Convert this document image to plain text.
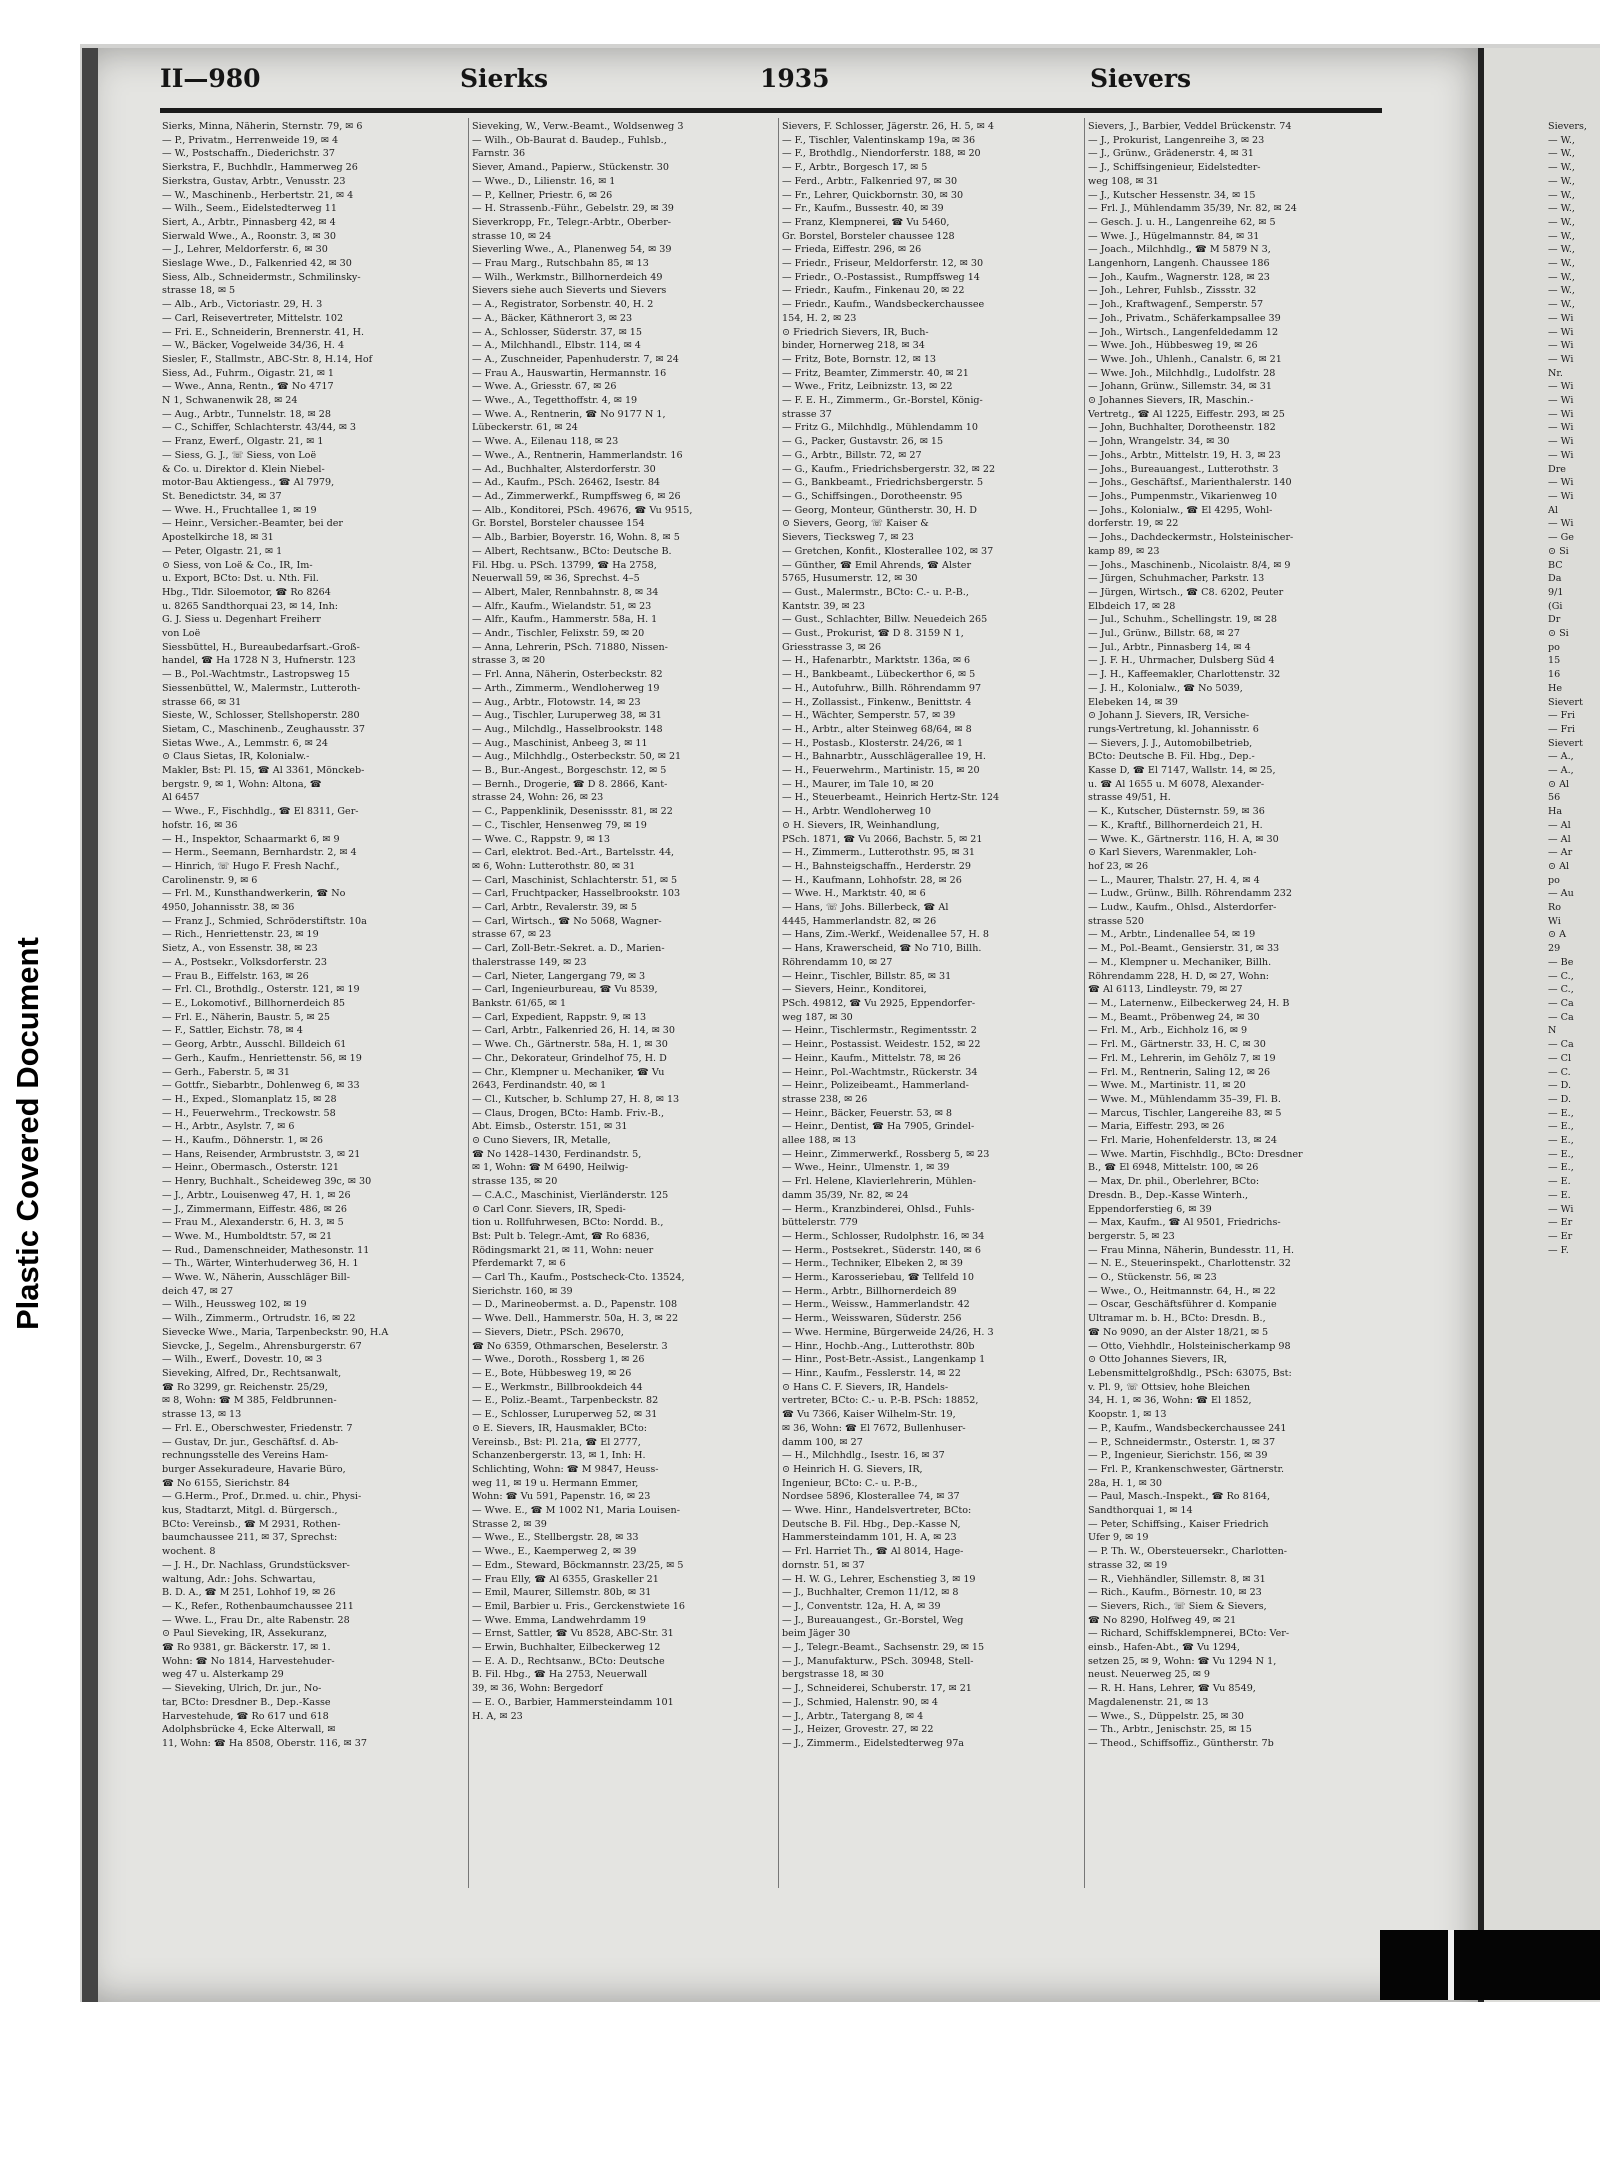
II—980	Sierks	1935	Sievers
Sierks, Minna, Näherin, Sternstr. 79, ✉ 6
— P., Privatm., Herrenweide 19, ✉ 4
— W., Postschaffn., Diederichstr. 37
Sierkstra, F., Buchhdlr., Hammerweg 26
Sierkstra, Gustav, Arbtr., Venusstr. 23
— W., Maschinenb., Herbertstr. 21, ✉ 4
— Wilh., Seem., Eidelstedterweg 11
Siert, A., Arbtr., Pinnasberg 42, ✉ 4
Sierwald Wwe., A., Roonstr. 3, ✉ 30
— J., Lehrer, Meldorferstr. 6, ✉ 30
Sieslage Wwe., D., Falkenried 42, ✉ 30
Siess, Alb., Schneidermstr., Schmilinsky-
strasse 18, ✉ 5
— Alb., Arb., Victoriastr. 29, H. 3
— Carl, Reisevertreter, Mittelstr. 102
— Fri. E., Schneiderin, Brennerstr. 41, H.
— W., Bäcker, Vogelweide 34/36, H. 4
Siesler, F., Stallmstr., ABC-Str. 8, H.14, Hof
Siess, Ad., Fuhrm., Oigastr. 21, ✉ 1
— Wwe., Anna, Rentn., ☎ No 4717
N 1, Schwanenwik 28, ✉ 24
— Aug., Arbtr., Tunnelstr. 18, ✉ 28
— C., Schiffer, Schlachterstr. 43/44, ✉ 3
— Franz, Ewerf., Olgastr. 21, ✉ 1
— Siess, G. J., ☏ Siess, von Loë
& Co. u. Direktor d. Klein Niebel-
motor-Bau Aktiengess., ☎ Al 7979,
St. Benedictstr. 34, ✉ 37
— Wwe. H., Fruchtallee 1, ✉ 19
— Heinr., Versicher.-Beamter, bei der
Apostelkirche 18, ✉ 31
— Peter, Olgastr. 21, ✉ 1
⊙ Siess, von Loë & Co., IR, Im-
u. Export, BCto: Dst. u. Nth. Fil.
Hbg., Tldr. Siloemotor, ☎ Ro 8264
u. 8265 Sandthorquai 23, ✉ 14, Inh:
G. J. Siess u. Degenhart Freiherr
von Loë
Siessbüttel, H., Bureaubedarfsart.-Groß-
handel, ☎ Ha 1728 N 3, Hufnerstr. 123
— B., Pol.-Wachtmstr., Lastropsweg 15
Siessenbüttel, W., Malermstr., Lutteroth-
strasse 66, ✉ 31
Sieste, W., Schlosser, Stellshoperstr. 280
Sietam, C., Maschinenb., Zeughausstr. 37
Sietas Wwe., A., Lemmstr. 6, ✉ 24
⊙ Claus Sietas, IR, Kolonialw.-
Makler, Bst: Pl. 15, ☎ Al 3361, Mönckeb-
bergstr. 9, ✉ 1, Wohn: Altona, ☎
Al 6457
— Wwe., F., Fischhdlg., ☎ El 8311, Ger-
hofstr. 16, ✉ 36
— H., Inspektor, Schaarmarkt 6, ✉ 9
— Herm., Seemann, Bernhardstr. 2, ✉ 4
— Hinrich, ☏ Hugo F. Fresh Nachf.,
Carolinenstr. 9, ✉ 6
— Frl. M., Kunsthandwerkerin, ☎ No
4950, Johannisstr. 38, ✉ 36
— Franz J., Schmied, Schröderstiftstr. 10a
— Rich., Henriettenstr. 23, ✉ 19
Sietz, A., von Essenstr. 38, ✉ 23
— A., Postsekr., Volksdorferstr. 23
— Frau B., Eiffelstr. 163, ✉ 26
— Frl. Cl., Brothdlg., Osterstr. 121, ✉ 19
— E., Lokomotivf., Billhornerdeich 85
— Frl. E., Näherin, Baustr. 5, ✉ 25
— F., Sattler, Eichstr. 78, ✉ 4
— Georg, Arbtr., Ausschl. Billdeich 61
— Gerh., Kaufm., Henriettenstr. 56, ✉ 19
— Gerh., Faberstr. 5, ✉ 31
— Gottfr., Siebarbtr., Dohlenweg 6, ✉ 33
— H., Exped., Slomanplatz 15, ✉ 28
— H., Feuerwehrm., Treckowstr. 58
— H., Arbtr., Asylstr. 7, ✉ 6
— H., Kaufm., Döhnerstr. 1, ✉ 26
— Hans, Reisender, Armbruststr. 3, ✉ 21
— Heinr., Obermasch., Osterstr. 121
— Henry, Buchhalt., Scheideweg 39c, ✉ 30
— J., Arbtr., Louisenweg 47, H. 1, ✉ 26
— J., Zimmermann, Eiffestr. 486, ✉ 26
— Frau M., Alexanderstr. 6, H. 3, ✉ 5
— Wwe. M., Humboldtstr. 57, ✉ 21
— Rud., Damenschneider, Mathesonstr. 11
— Th., Wärter, Winterhuderweg 36, H. 1
— Wwe. W., Näherin, Ausschläger Bill-
deich 47, ✉ 27
— Wilh., Heussweg 102, ✉ 19
— Wilh., Zimmerm., Ortrudstr. 16, ✉ 22
Sievecke Wwe., Maria, Tarpenbeckstr. 90, H.A
Sievcke, J., Segelm., Ahrensburgerstr. 67
— Wilh., Ewerf., Dovestr. 10, ✉ 3
Sieveking, Alfred, Dr., Rechtsanwalt,
☎ Ro 3299, gr. Reichenstr. 25/29,
✉ 8, Wohn: ☎ M 385, Feldbrunnen-
strasse 13, ✉ 13
— Frl. E., Oberschwester, Friedenstr. 7
— Gustav, Dr. jur., Geschäftsf. d. Ab-
rechnungsstelle des Vereins Ham-
burger Assekuradeure, Havarie Büro,
☎ No 6155, Sierichstr. 84
— G.Herm., Prof., Dr.med. u. chir., Physi-
kus, Stadtarzt, Mitgl. d. Bürgersch.,
BCto: Vereinsb., ☎ M 2931, Rothen-
baumchaussee 211, ✉ 37, Sprechst:
wochent. 8
— J. H., Dr. Nachlass, Grundstücksver-
waltung, Adr.: Johs. Schwartau,
B. D. A., ☎ M 251, Lohhof 19, ✉ 26
— K., Refer., Rothenbaumchaussee 211
— Wwe. L., Frau Dr., alte Rabenstr. 28
⊙ Paul Sieveking, IR, Assekuranz,
☎ Ro 9381, gr. Bäckerstr. 17, ✉ 1.
Wohn: ☎ No 1814, Harvestehuder-
weg 47 u. Alsterkamp 29
— Sieveking, Ulrich, Dr. jur., No-
tar, BCto: Dresdner B., Dep.-Kasse
Harvestehude, ☎ Ro 617 und 618
Adolphsbrücke 4, Ecke Alterwall, ✉
11, Wohn: ☎ Ha 8508, Oberstr. 116, ✉ 37
Sieveking, W., Verw.-Beamt., Woldsenweg 3
— Wilh., Ob-Baurat d. Baudep., Fuhlsb.,
Farnstr. 36
Siever, Amand., Papierw., Stückenstr. 30
— Wwe., D., Lilienstr. 16, ✉ 1
— P., Kellner, Priestr. 6, ✉ 26
— H. Strassenb.-Führ., Gebelstr. 29, ✉ 39
Sieverkropp, Fr., Telegr.-Arbtr., Oberber-
strasse 10, ✉ 24
Sieverling Wwe., A., Planenweg 54, ✉ 39
— Frau Marg., Rutschbahn 85, ✉ 13
— Wilh., Werkmstr., Billhornerdeich 49
Sievers siehe auch Sieverts und Sievers
— A., Registrator, Sorbenstr. 40, H. 2
— A., Bäcker, Käthnerort 3, ✉ 23
— A., Schlosser, Süderstr. 37, ✉ 15
— A., Milchhandl., Elbstr. 114, ✉ 4
— A., Zuschneider, Papenhuderstr. 7, ✉ 24
— Frau A., Hauswartin, Hermannstr. 16
— Wwe. A., Griesstr. 67, ✉ 26
— Wwe., A., Tegetthoffstr. 4, ✉ 19
— Wwe. A., Rentnerin, ☎ No 9177 N 1,
Lübeckerstr. 61, ✉ 24
— Wwe. A., Eilenau 118, ✉ 23
— Wwe., A., Rentnerin, Hammerlandstr. 16
— Ad., Buchhalter, Alsterdorferstr. 30
— Ad., Kaufm., PSch. 26462, Isestr. 84
— Ad., Zimmerwerkf., Rumpffsweg 6, ✉ 26
— Alb., Konditorei, PSch. 49676, ☎ Vu 9515,
Gr. Borstel, Borsteler chaussee 154
— Alb., Barbier, Boyerstr. 16, Wohn. 8, ✉ 5
— Albert, Rechtsanw., BCto: Deutsche B.
Fil. Hbg. u. PSch. 13799, ☎ Ha 2758,
Neuerwall 59, ✉ 36, Sprechst. 4–5
— Albert, Maler, Rennbahnstr. 8, ✉ 34
— Alfr., Kaufm., Wielandstr. 51, ✉ 23
— Alfr., Kaufm., Hammerstr. 58a, H. 1
— Andr., Tischler, Felixstr. 59, ✉ 20
— Anna, Lehrerin, PSch. 71880, Nissen-
strasse 3, ✉ 20
— Frl. Anna, Näherin, Osterbeckstr. 82
— Arth., Zimmerm., Wendloherweg 19
— Aug., Arbtr., Flotowstr. 14, ✉ 23
— Aug., Tischler, Luruperweg 38, ✉ 31
— Aug., Milchdlg., Hasselbrookstr. 148
— Aug., Maschinist, Anbeeg 3, ✉ 11
— Aug., Milchhdlg., Osterbeckstr. 50, ✉ 21
— B., Bur.-Angest., Borgeschstr. 12, ✉ 5
— Bernh., Drogerie, ☎ D 8. 2866, Kant-
strasse 24, Wohn: 26, ✉ 23
— C., Pappenklinik, Desenissstr. 81, ✉ 22
— C., Tischler, Hensenweg 79, ✉ 19
— Wwe. C., Rappstr. 9, ✉ 13
— Carl, elektrot. Bed.-Art., Bartelsstr. 44,
✉ 6, Wohn: Lutterothstr. 80, ✉ 31
— Carl, Maschinist, Schlachterstr. 51, ✉ 5
— Carl, Fruchtpacker, Hasselbrookstr. 103
— Carl, Arbtr., Revalerstr. 39, ✉ 5
— Carl, Wirtsch., ☎ No 5068, Wagner-
strasse 67, ✉ 23
— Carl, Zoll-Betr.-Sekret. a. D., Marien-
thalerstrasse 149, ✉ 23
— Carl, Nieter, Langergang 79, ✉ 3
— Carl, Ingenieurbureau, ☎ Vu 8539,
Bankstr. 61/65, ✉ 1
— Carl, Expedient, Rappstr. 9, ✉ 13
— Carl, Arbtr., Falkenried 26, H. 14, ✉ 30
— Wwe. Ch., Gärtnerstr. 58a, H. 1, ✉ 30
— Chr., Dekorateur, Grindelhof 75, H. D
— Chr., Klempner u. Mechaniker, ☎ Vu
2643, Ferdinandstr. 40, ✉ 1
— Cl., Kutscher, b. Schlump 27, H. 8, ✉ 13
— Claus, Drogen, BCto: Hamb. Friv.-B.,
Abt. Eimsb., Osterstr. 151, ✉ 31
⊙ Cuno Sievers, IR, Metalle,
☎ No 1428–1430, Ferdinandstr. 5,
✉ 1, Wohn: ☎ M 6490, Heilwig-
strasse 135, ✉ 20
— C.A.C., Maschinist, Vierländerstr. 125
⊙ Carl Conr. Sievers, IR, Spedi-
tion u. Rollfuhrwesen, BCto: Nordd. B.,
Bst: Pult b. Telegr.-Amt, ☎ Ro 6836,
Rödingsmarkt 21, ✉ 11, Wohn: neuer
Pferdemarkt 7, ✉ 6
— Carl Th., Kaufm., Postscheck-Cto. 13524,
Sierichstr. 160, ✉ 39
— D., Marineobermst. a. D., Papenstr. 108
— Wwe. Dell., Hammerstr. 50a, H. 3, ✉ 22
— Sievers, Dietr., PSch. 29670,
☎ No 6359, Othmarschen, Beselerstr. 3
— Wwe., Doroth., Rossberg 1, ✉ 26
— E., Bote, Hübbesweg 19, ✉ 26
— E., Werkmstr., Billbrookdeich 44
— E., Poliz.-Beamt., Tarpenbeckstr. 82
— E., Schlosser, Luruperweg 52, ✉ 31
⊙ E. Sievers, IR, Hausmakler, BCto:
Vereinsb., Bst: Pl. 21a, ☎ El 2777,
Schanzenbergerstr. 13, ✉ 1, Inh: H.
Schlichting, Wohn: ☎ M 9847, Heuss-
weg 11, ✉ 19 u. Hermann Emmer,
Wohn: ☎ Vu 591, Papenstr. 16, ✉ 23
— Wwe. E., ☎ M 1002 N1, Maria Louisen-
Strasse 2, ✉ 39
— Wwe., E., Stellbergstr. 28, ✉ 33
— Wwe., E., Kaemperweg 2, ✉ 39
— Edm., Steward, Böckmannstr. 23/25, ✉ 5
— Frau Elly, ☎ Al 6355, Graskeller 21
— Emil, Maurer, Sillemstr. 80b, ✉ 31
— Emil, Barbier u. Fris., Gerckenstwiete 16
— Wwe. Emma, Landwehrdamm 19
— Ernst, Sattler, ☎ Vu 8528, ABC-Str. 31
— Erwin, Buchhalter, Eilbeckerweg 12
— E. A. D., Rechtsanw., BCto: Deutsche
B. Fil. Hbg., ☎ Ha 2753, Neuerwall
39, ✉ 36, Wohn: Bergedorf
— E. O., Barbier, Hammersteindamm 101
H. A, ✉ 23
Sievers, F. Schlosser, Jägerstr. 26, H. 5, ✉ 4
— F., Tischler, Valentinskamp 19a, ✉ 36
— F., Brothdlg., Niendorferstr. 188, ✉ 20
— F., Arbtr., Borgesch 17, ✉ 5
— Ferd., Arbtr., Falkenried 97, ✉ 30
— Fr., Lehrer, Quickbornstr. 30, ✉ 30
— Fr., Kaufm., Bussestr. 40, ✉ 39
— Franz, Klempnerei, ☎ Vu 5460,
Gr. Borstel, Borsteler chaussee 128
— Frieda, Eiffestr. 296, ✉ 26
— Friedr., Friseur, Meldorferstr. 12, ✉ 30
— Friedr., O.-Postassist., Rumpffsweg 14
— Friedr., Kaufm., Finkenau 20, ✉ 22
— Friedr., Kaufm., Wandsbeckerchaussee
154, H. 2, ✉ 23
⊙ Friedrich Sievers, IR, Buch-
binder, Hornerweg 218, ✉ 34
— Fritz, Bote, Bornstr. 12, ✉ 13
— Fritz, Beamter, Zimmerstr. 40, ✉ 21
— Wwe., Fritz, Leibnizstr. 13, ✉ 22
— F. E. H., Zimmerm., Gr.-Borstel, König-
strasse 37
— Fritz G., Milchhdlg., Mühlendamm 10
— G., Packer, Gustavstr. 26, ✉ 15
— G., Arbtr., Billstr. 72, ✉ 27
— G., Kaufm., Friedrichsbergerstr. 32, ✉ 22
— G., Bankbeamt., Friedrichsbergerstr. 5
— G., Schiffsingen., Dorotheenstr. 95
— Georg, Monteur, Güntherstr. 30, H. D
⊙ Sievers, Georg, ☏ Kaiser &
Sievers, Tiecksweg 7, ✉ 23
— Gretchen, Konfit., Klosterallee 102, ✉ 37
— Günther, ☎ Emil Ahrends, ☎ Alster
5765, Husumerstr. 12, ✉ 30
— Gust., Malermstr., BCto: C.- u. P.-B.,
Kantstr. 39, ✉ 23
— Gust., Schlachter, Billw. Neuedeich 265
— Gust., Prokurist, ☎ D 8. 3159 N 1,
Griesstrasse 3, ✉ 26
— H., Hafenarbtr., Marktstr. 136a, ✉ 6
— H., Bankbeamt., Lübeckerthor 6, ✉ 5
— H., Autofuhrw., Billh. Röhrendamm 97
— H., Zollassist., Finkenw., Benittstr. 4
— H., Wächter, Semperstr. 57, ✉ 39
— H., Arbtr., alter Steinweg 68/64, ✉ 8
— H., Postasb., Klosterstr. 24/26, ✉ 1
— H., Bahnarbtr., Ausschlägerallee 19, H.
— H., Feuerwehrm., Martinistr. 15, ✉ 20
— H., Maurer, im Tale 10, ✉ 20
— H., Steuerbeamt., Heinrich Hertz-Str. 124
— H., Arbtr. Wendloherweg 10
⊙ H. Sievers, IR, Weinhandlung,
PSch. 1871, ☎ Vu 2066, Bachstr. 5, ✉ 21
— H., Zimmerm., Lutterothstr. 95, ✉ 31
— H., Bahnsteigschaffn., Herderstr. 29
— H., Kaufmann, Lohhofstr. 28, ✉ 26
— Wwe. H., Marktstr. 40, ✉ 6
— Hans, ☏ Johs. Billerbeck, ☎ Al
4445, Hammerlandstr. 82, ✉ 26
— Hans, Zim.-Werkf., Weidenallee 57, H. 8
— Hans, Krawerscheid, ☎ No 710, Billh.
Röhrendamm 10, ✉ 27
— Heinr., Tischler, Billstr. 85, ✉ 31
— Sievers, Heinr., Konditorei,
PSch. 49812, ☎ Vu 2925, Eppendorfer-
weg 187, ✉ 30
— Heinr., Tischlermstr., Regimentsstr. 2
— Heinr., Postassist. Weidestr. 152, ✉ 22
— Heinr., Kaufm., Mittelstr. 78, ✉ 26
— Heinr., Pol.-Wachtmstr., Rückerstr. 34
— Heinr., Polizeibeamt., Hammerland-
strasse 238, ✉ 26
— Heinr., Bäcker, Feuerstr. 53, ✉ 8
— Heinr., Dentist, ☎ Ha 7905, Grindel-
allee 188, ✉ 13
— Heinr., Zimmerwerkf., Rossberg 5, ✉ 23
— Wwe., Heinr., Ulmenstr. 1, ✉ 39
— Frl. Helene, Klavierlehrerin, Mühlen-
damm 35/39, Nr. 82, ✉ 24
— Herm., Kranzbinderei, Ohlsd., Fuhls-
büttelerstr. 779
— Herm., Schlosser, Rudolphstr. 16, ✉ 34
— Herm., Postsekret., Süderstr. 140, ✉ 6
— Herm., Techniker, Elbeken 2, ✉ 39
— Herm., Karosseriebau, ☎ Tellfeld 10
— Herm., Arbtr., Billhornerdeich 89
— Herm., Weissw., Hammerlandstr. 42
— Herm., Weisswaren, Süderstr. 256
— Wwe. Hermine, Bürgerweide 24/26, H. 3
— Hinr., Hochb.-Ang., Lutterothstr. 80b
— Hinr., Post-Betr.-Assist., Langenkamp 1
— Hinr., Kaufm., Fesslerstr. 14, ✉ 22
⊙ Hans C. F. Sievers, IR, Handels-
vertreter, BCto: C.- u. P.-B. PSch: 18852,
☎ Vu 7366, Kaiser Wilhelm-Str. 19,
✉ 36, Wohn: ☎ El 7672, Bullenhuser-
damm 100, ✉ 27
— H., Milchhdlg., Isestr. 16, ✉ 37
⊙ Heinrich H. G. Sievers, IR,
Ingenieur, BCto: C.- u. P.-B.,
Nordsee 5896, Klosterallee 74, ✉ 37
— Wwe. Hinr., Handelsvertreter, BCto:
Deutsche B. Fil. Hbg., Dep.-Kasse N,
Hammersteindamm 101, H. A, ✉ 23
— Frl. Harriet Th., ☎ Al 8014, Hage-
dornstr. 51, ✉ 37
— H. W. G., Lehrer, Eschenstieg 3, ✉ 19
— J., Buchhalter, Cremon 11/12, ✉ 8
— J., Conventstr. 12a, H. A, ✉ 39
— J., Bureauangest., Gr.-Borstel, Weg
beim Jäger 30
— J., Telegr.-Beamt., Sachsenstr. 29, ✉ 15
— J., Manufakturw., PSch. 30948, Stell-
bergstrasse 18, ✉ 30
— J., Schneiderei, Schuberstr. 17, ✉ 21
— J., Schmied, Halenstr. 90, ✉ 4
— J., Arbtr., Tatergang 8, ✉ 4
— J., Heizer, Grovestr. 27, ✉ 22
— J., Zimmerm., Eidelstedterweg 97a
Sievers, J., Barbier, Veddel Brückenstr. 74
— J., Prokurist, Langenreihe 3, ✉ 23
— J., Grünw., Grädenerstr. 4, ✉ 31
— J., Schiffsingenieur, Eidelstedter-
weg 108, ✉ 31
— J., Kutscher Hessenstr. 34, ✉ 15
— Frl. J., Mühlendamm 35/39, Nr. 82, ✉ 24
— Gesch. J. u. H., Langenreihe 62, ✉ 5
— Wwe. J., Hügelmannstr. 84, ✉ 31
— Joach., Milchhdlg., ☎ M 5879 N 3,
Langenhorn, Langenh. Chaussee 186
— Joh., Kaufm., Wagnerstr. 128, ✉ 23
— Joh., Lehrer, Fuhlsb., Zissstr. 32
— Joh., Kraftwagenf., Semperstr. 57
— Joh., Privatm., Schäferkampsallee 39
— Joh., Wirtsch., Langenfeldedamm 12
— Wwe. Joh., Hübbesweg 19, ✉ 26
— Wwe. Joh., Uhlenh., Canalstr. 6, ✉ 21
— Wwe. Joh., Milchhdlg., Ludolfstr. 28
— Johann, Grünw., Sillemstr. 34, ✉ 31
⊙ Johannes Sievers, IR, Maschin.-
Vertretg., ☎ Al 1225, Eiffestr. 293, ✉ 25
— John, Buchhalter, Dorotheenstr. 182
— John, Wrangelstr. 34, ✉ 30
— Johs., Arbtr., Mittelstr. 19, H. 3, ✉ 23
— Johs., Bureauangest., Lutterothstr. 3
— Johs., Geschäftsf., Marienthalerstr. 140
— Johs., Pumpenmstr., Vikarienweg 10
— Johs., Kolonialw., ☎ El 4295, Wohl-
dorferstr. 19, ✉ 22
— Johs., Dachdeckermstr., Holsteinischer-
kamp 89, ✉ 23
— Johs., Maschinenb., Nicolaistr. 8/4, ✉ 9
— Jürgen, Schuhmacher, Parkstr. 13
— Jürgen, Wirtsch., ☎ C8. 6202, Peuter
Elbdeich 17, ✉ 28
— Jul., Schuhm., Schellingstr. 19, ✉ 28
— Jul., Grünw., Billstr. 68, ✉ 27
— Jul., Arbtr., Pinnasberg 14, ✉ 4
— J. F. H., Uhrmacher, Dulsberg Süd 4
— J. H., Kaffeemakler, Charlottenstr. 32
— J. H., Kolonialw., ☎ No 5039,
Elebeken 14, ✉ 39
⊙ Johann J. Sievers, IR, Versiche-
rungs-Vertretung, kl. Johannisstr. 6
— Sievers, J. J., Automobilbetrieb,
BCto: Deutsche B. Fil. Hbg., Dep.-
Kasse D, ☎ El 7147, Wallstr. 14, ✉ 25,
u. ☎ Al 1655 u. M 6078, Alexander-
strasse 49/51, H.
— K., Kutscher, Düsternstr. 59, ✉ 36
— K., Kraftf., Billhornerdeich 21, H.
— Wwe. K., Gärtnerstr. 116, H. A, ✉ 30
⊙ Karl Sievers, Warenmakler, Loh-
hof 23, ✉ 26
— L., Maurer, Thalstr. 27, H. 4, ✉ 4
— Ludw., Grünw., Billh. Röhrendamm 232
— Ludw., Kaufm., Ohlsd., Alsterdorfer-
strasse 520
— M., Arbtr., Lindenallee 54, ✉ 19
— M., Pol.-Beamt., Gensierstr. 31, ✉ 33
— M., Klempner u. Mechaniker, Billh.
Röhrendamm 228, H. D, ✉ 27, Wohn:
☎ Al 6113, Lindleystr. 79, ✉ 27
— M., Laternenw., Eilbeckerweg 24, H. B
— M., Beamt., Pröbenweg 24, ✉ 30
— Frl. M., Arb., Eichholz 16, ✉ 9
— Frl. M., Gärtnerstr. 33, H. C, ✉ 30
— Frl. M., Lehrerin, im Gehölz 7, ✉ 19
— Frl. M., Rentnerin, Saling 12, ✉ 26
— Wwe. M., Martinistr. 11, ✉ 20
— Wwe. M., Mühlendamm 35–39, Fl. B.
— Marcus, Tischler, Langereihe 83, ✉ 5
— Maria, Eiffestr. 293, ✉ 26
— Frl. Marie, Hohenfelderstr. 13, ✉ 24
— Wwe. Martin, Fischhdlg., BCto: Dresdner
B., ☎ El 6948, Mittelstr. 100, ✉ 26
— Max, Dr. phil., Oberlehrer, BCto:
Dresdn. B., Dep.-Kasse Winterh.,
Eppendorferstieg 6, ✉ 39
— Max, Kaufm., ☎ Al 9501, Friedrichs-
bergerstr. 5, ✉ 23
— Frau Minna, Näherin, Bundesstr. 11, H.
— N. E., Steuerinspekt., Charlottenstr. 32
— O., Stückenstr. 56, ✉ 23
— Wwe., O., Heitmannstr. 64, H., ✉ 22
— Oscar, Geschäftsführer d. Kompanie
Ultramar m. b. H., BCto: Dresdn. B.,
☎ No 9090, an der Alster 18/21, ✉ 5
— Otto, Viehhdlr., Holsteinischerkamp 98
⊙ Otto Johannes Sievers, IR,
Lebensmittelgroßhdlg., PSch: 63075, Bst:
v. Pl. 9, ☏ Ottsiev, hohe Bleichen
34, H. 1, ✉ 36, Wohn: ☎ El 1852,
Koopstr. 1, ✉ 13
— P., Kaufm., Wandsbeckerchaussee 241
— P., Schneidermstr., Osterstr. 1, ✉ 37
— P., Ingenieur, Sierichstr. 156, ✉ 39
— Frl. P., Krankenschwester, Gärtnerstr.
28a, H. 1, ✉ 30
— Paul, Masch.-Inspekt., ☎ Ro 8164,
Sandthorquai 1, ✉ 14
— Peter, Schiffsing., Kaiser Friedrich
Ufer 9, ✉ 19
— P. Th. W., Obersteuersekr., Charlotten-
strasse 32, ✉ 19
— R., Viehhändler, Sillemstr. 8, ✉ 31
— Rich., Kaufm., Börnestr. 10, ✉ 23
— Sievers, Rich., ☏ Siem & Sievers,
☎ No 8290, Holfweg 49, ✉ 21
— Richard, Schiffsklempnerei, BCto: Ver-
einsb., Hafen-Abt., ☎ Vu 1294,
setzen 25, ✉ 9, Wohn: ☎ Vu 1294 N 1,
neust. Neuerweg 25, ✉ 9
— R. H. Hans, Lehrer, ☎ Vu 8549,
Magdalenenstr. 21, ✉ 13
— Wwe., S., Düppelstr. 25, ✉ 30
— Th., Arbtr., Jenischstr. 25, ✉ 15
— Theod., Schiffsoffiz., Güntherstr. 7b
Sievers,
— W.,
— W.,
— W.,
— W.,
— W.,
— W.,
— W.,
— W.,
— W.,
— W.,
— W.,
— W.,
— W.,
— Wi
— Wi
— Wi
— Wi
Nr.
— Wi
— Wi
— Wi
— Wi
— Wi
— Wi
Dre
— Wi
— Wi
Al
— Wi
— Ge
⊙ Si
BC
Da
9/1
(Gi
Dr
⊙ Si
po
15
16
He
Sievert
— Fri
— Fri
Sievert
— A.,
— A.,
⊙ Al
56
Ha
— Al
— Al
— Ar
⊙ Al
po
— Au
Ro
Wi
⊙ A
29
— Be
— C.,
— C.,
— Ca
— Ca
N
— Ca
— Cl
— C.
— D.
— D.
— E.,
— E.,
— E.,
— E.,
— E.,
— E.
— E.
— Wi
— Er
— Er
— F.
Plastic Covered Document
